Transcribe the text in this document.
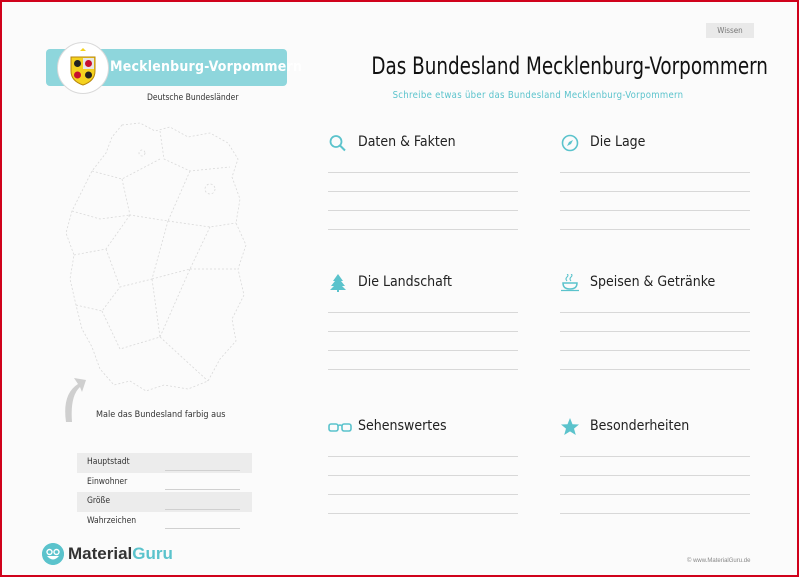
Wissen
Mecklenburg-Vorpommern
Deutsche Bundesländer
Das Bundesland Mecklenburg-Vorpommern
Schreibe etwas über das Bundesland Mecklenburg-Vorpommern
Male das Bundesland farbig aus
Daten & Fakten	Die Lage
Die Landschaft	Speisen & Getränke
Sehenswertes	Besonderheiten
Hauptstadt
Einwohner
Größe
Wahrzeichen
MaterialGuru	© www.MaterialGuru.de
